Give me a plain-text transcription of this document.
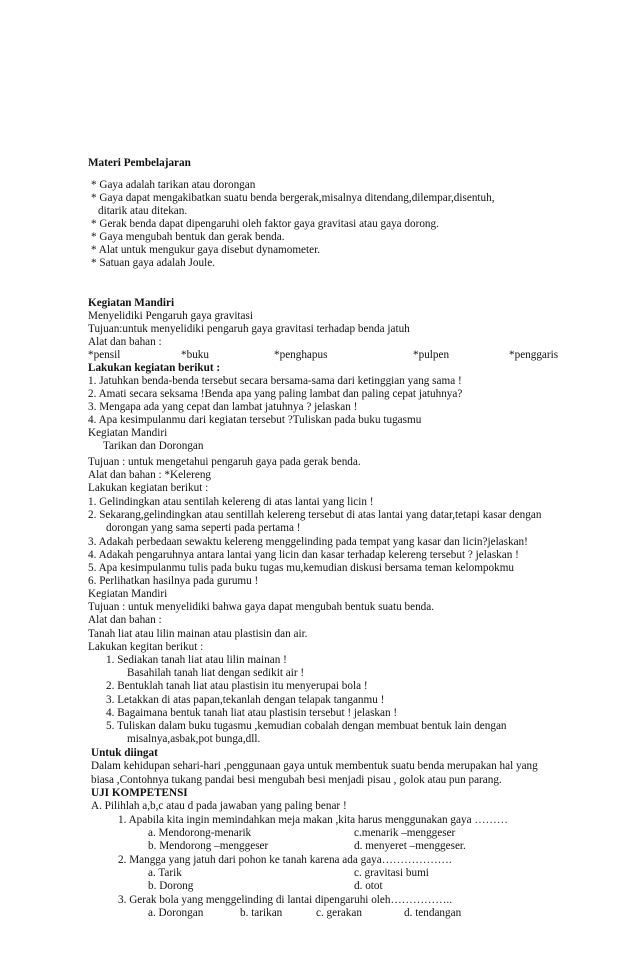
Materi Pembelajaran
* Gaya adalah tarikan atau dorongan
* Gaya dapat mengakibatkan suatu benda bergerak,misalnya ditendang,dilempar,disentuh,
ditarik atau ditekan.
* Gerak benda dapat dipengaruhi oleh faktor gaya gravitasi atau gaya dorong.
* Gaya mengubah bentuk dan gerak benda.
* Alat untuk mengukur gaya disebut dynamometer.
* Satuan gaya adalah Joule.
Kegiatan Mandiri
Menyelidiki Pengaruh gaya gravitasi
Tujuan:untuk menyelidiki pengaruh gaya gravitasi terhadap benda jatuh
Alat dan bahan :
*pensil	*buku	*penghapus	*pulpen	*penggaris
Lakukan kegiatan berikut :
1. Jatuhkan benda-benda tersebut secara bersama-sama dari ketinggian yang sama !
2. Amati secara seksama !Benda apa yang paling lambat dan paling cepat jatuhnya?
3. Mengapa ada yang cepat dan lambat jatuhnya ? jelaskan !
4. Apa kesimpulanmu dari kegiatan tersebut ?Tuliskan pada buku tugasmu
Kegiatan Mandiri
Tarikan dan Dorongan
Tujuan : untuk mengetahui pengaruh gaya pada gerak benda.
Alat dan bahan : *Kelereng
Lakukan kegiatan berikut :
1. Gelindingkan atau sentilah kelereng di atas lantai yang licin !
2. Sekarang,gelindingkan atau sentillah kelereng tersebut di atas lantai yang datar,tetapi kasar dengan
dorongan yang sama seperti pada pertama !
3. Adakah perbedaan sewaktu kelereng menggelinding pada tempat yang kasar dan licin?jelaskan!
4. Adakah pengaruhnya antara lantai yang licin dan kasar terhadap kelereng tersebut ? jelaskan !
5. Apa kesimpulanmu tulis pada buku tugas mu,kemudian diskusi bersama teman kelompokmu
6. Perlihatkan hasilnya pada gurumu !
Kegiatan Mandiri
Tujuan : untuk menyelidiki bahwa gaya dapat mengubah bentuk suatu benda.
Alat dan bahan :
Tanah liat atau lilin mainan atau plastisin dan air.
Lakukan kegitan berikut :
1. Sediakan tanah liat atau lilin mainan !
Basahilah tanah liat dengan sedikit air !
2. Bentuklah tanah liat atau plastisin itu menyerupai bola !
3. Letakkan di atas papan,tekanlah dengan telapak tanganmu !
4. Bagaimana bentuk tanah liat atau plastisin tersebut ! jelaskan !
5. Tuliskan dalam buku tugasmu ,kemudian cobalah dengan membuat bentuk lain dengan
misalnya,asbak,pot bunga,dll.
Untuk diingat
Dalam kehidupan sehari-hari ,penggunaan gaya untuk membentuk suatu benda merupakan hal yang
biasa ,Contohnya tukang pandai besi mengubah besi menjadi pisau , golok atau pun parang.
UJI KOMPETENSI
A. Pilihlah a,b,c atau d pada jawaban yang paling benar !
1. Apabila kita ingin memindahkan meja makan ,kita harus menggunakan gaya ………
a. Mendorong-menarik	c.menarik –menggeser
b. Mendorong –menggeser	d. menyeret –menggeser.
2. Mangga yang jatuh dari pohon ke tanah karena ada gaya……………….
a. Tarik	c. gravitasi bumi
b. Dorong	d. otot
3. Gerak bola yang menggelinding di lantai dipengaruhi oleh……………..
a. Dorongan	b. tarikan	c. gerakan	d. tendangan
